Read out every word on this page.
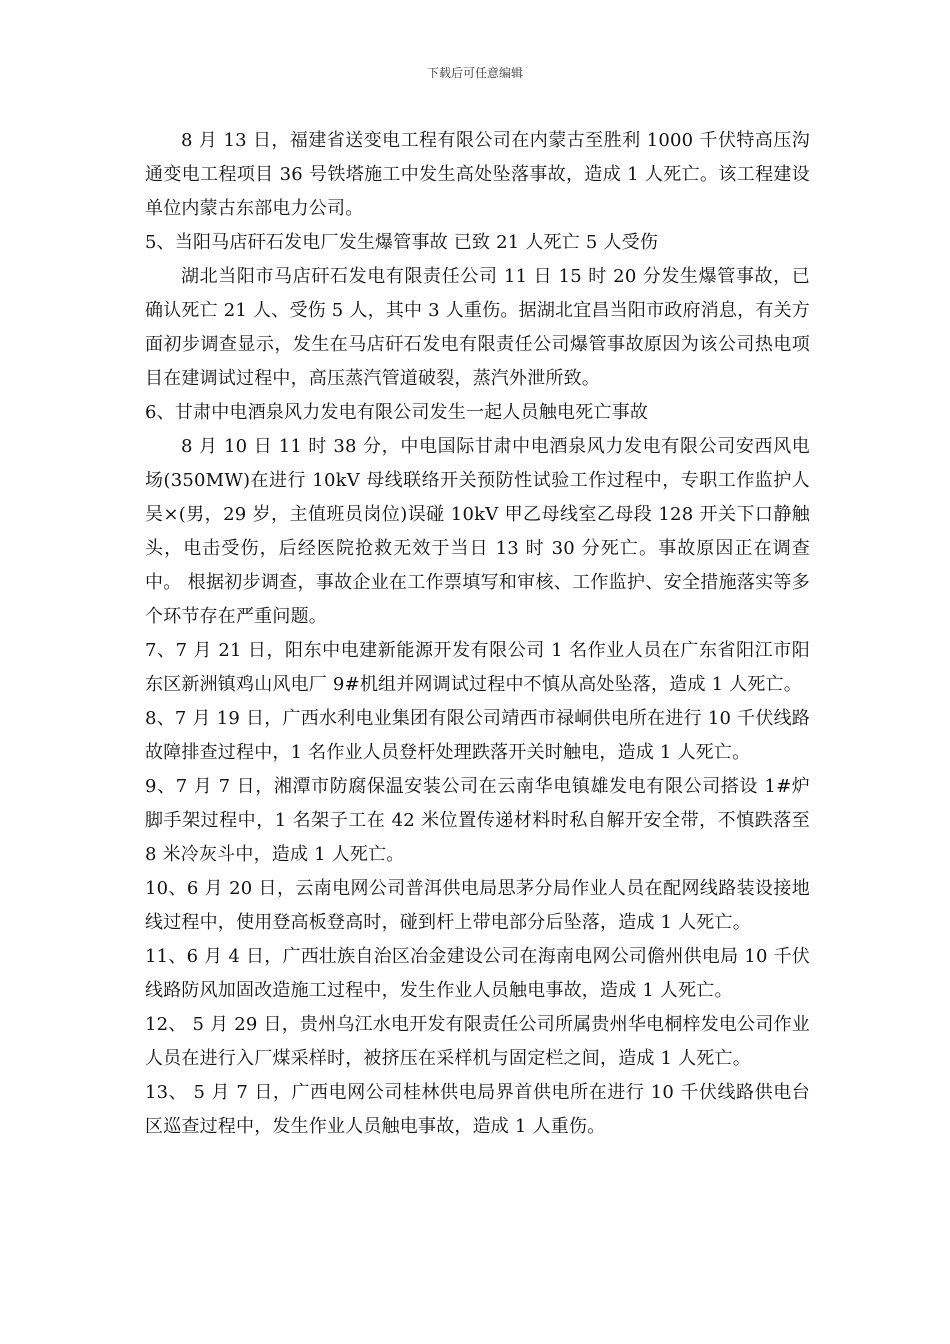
下载后可任意编辑

8 月 13 日，福建省送变电工程有限公司在内蒙古至胜利 1000 千伏特高压沟通变电工程项目 36 号铁塔施工中发生高处坠落事故，造成 1 人死亡。该工程建设单位内蒙古东部电力公司。

5、当阳马店矸石发电厂发生爆管事故 已致 21 人死亡 5 人受伤

湖北当阳市马店矸石发电有限责任公司 11 日 15 时 20 分发生爆管事故，已确认死亡 21 人、受伤 5 人，其中 3 人重伤。据湖北宜昌当阳市政府消息，有关方面初步调查显示，发生在马店矸石发电有限责任公司爆管事故原因为该公司热电项目在建调试过程中，高压蒸汽管道破裂，蒸汽外泄所致。

6、甘肃中电酒泉风力发电有限公司发生一起人员触电死亡事故

8 月 10 日 11 时 38 分，中电国际甘肃中电酒泉风力发电有限公司安西风电场(350MW)在进行 10kV 母线联络开关预防性试验工作过程中，专职工作监护人吴×(男，29 岁，主值班员岗位)误碰 10kV 甲乙母线室乙母段 128 开关下口静触头，电击受伤，后经医院抢救无效于当日 13 时 30 分死亡。事故原因正在调查中。 根据初步调查，事故企业在工作票填写和审核、工作监护、安全措施落实等多个环节存在严重问题。

7、7 月 21 日，阳东中电建新能源开发有限公司 1 名作业人员在广东省阳江市阳东区新洲镇鸡山风电厂 9#机组并网调试过程中不慎从高处坠落，造成 1 人死亡。

8、7 月 19 日，广西水利电业集团有限公司靖西市禄峒供电所在进行 10 千伏线路故障排查过程中，1 名作业人员登杆处理跌落开关时触电，造成 1 人死亡。

9、7 月 7 日，湘潭市防腐保温安装公司在云南华电镇雄发电有限公司搭设 1#炉脚手架过程中，1 名架子工在 42 米位置传递材料时私自解开安全带，不慎跌落至 8 米冷灰斗中，造成 1 人死亡。

10、6 月 20 日，云南电网公司普洱供电局思茅分局作业人员在配网线路装设接地线过程中，使用登高板登高时，碰到杆上带电部分后坠落，造成 1 人死亡。

11、6 月 4 日，广西壮族自治区冶金建设公司在海南电网公司儋州供电局 10 千伏线路防风加固改造施工过程中，发生作业人员触电事故，造成 1 人死亡。

12、 5 月 29 日，贵州乌江水电开发有限责任公司所属贵州华电桐梓发电公司作业人员在进行入厂煤采样时，被挤压在采样机与固定栏之间，造成 1 人死亡。

13、 5 月 7 日，广西电网公司桂林供电局界首供电所在进行 10 千伏线路供电台区巡查过程中，发生作业人员触电事故，造成 1 人重伤。
